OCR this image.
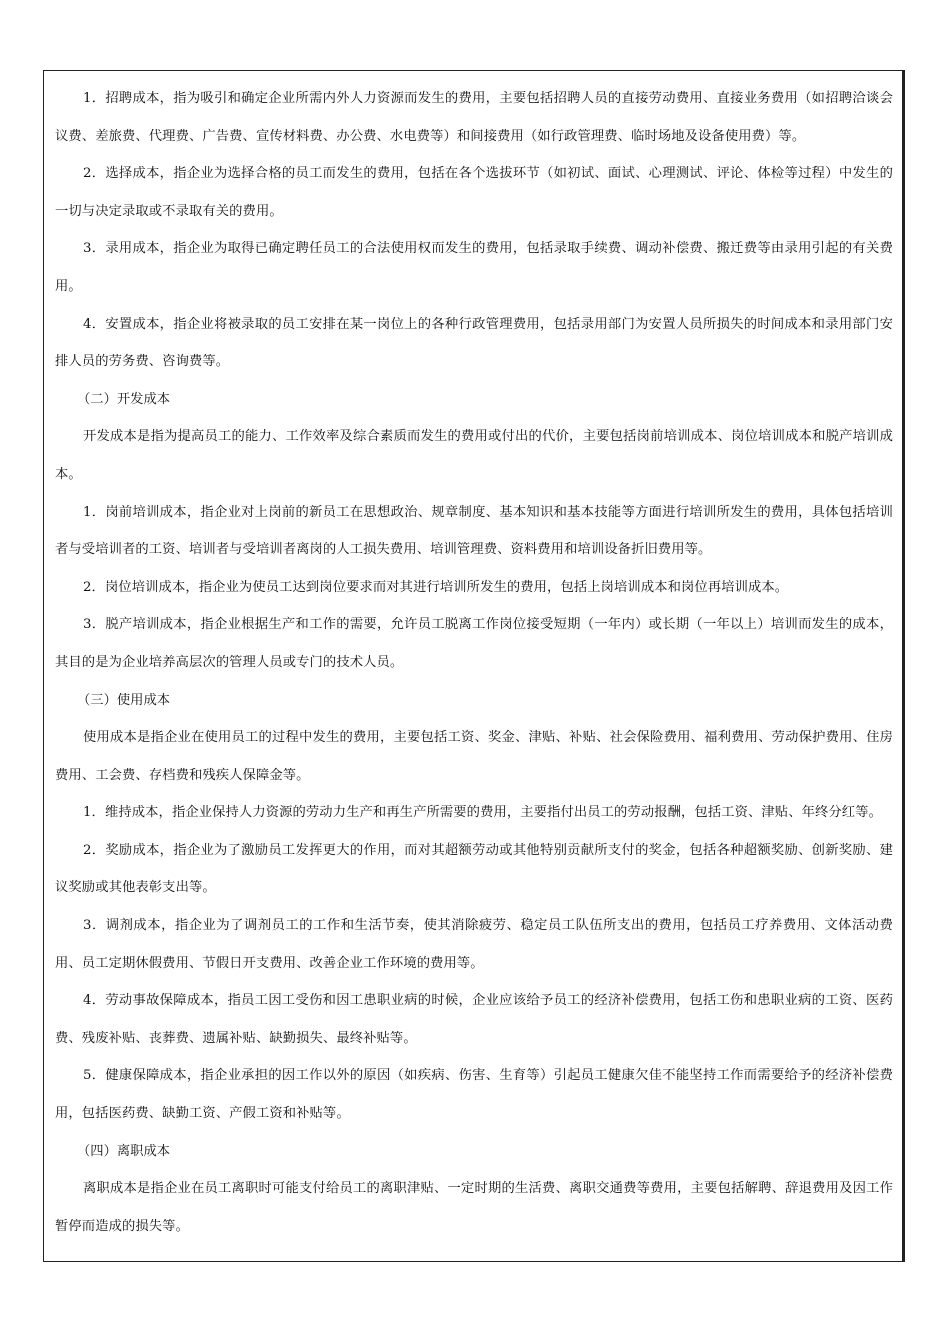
1．招聘成本，指为吸引和确定企业所需内外人力资源而发生的费用，主要包括招聘人员的直接劳动费用、直接业务费用（如招聘洽谈会议费、差旅费、代理费、广告费、宣传材料费、办公费、水电费等）和间接费用（如行政管理费、临时场地及设备使用费）等。

2．选择成本，指企业为选择合格的员工而发生的费用，包括在各个选拔环节（如初试、面试、心理测试、评论、体检等过程）中发生的一切与决定录取或不录取有关的费用。

3．录用成本，指企业为取得已确定聘任员工的合法使用权而发生的费用，包括录取手续费、调动补偿费、搬迁费等由录用引起的有关费用。

4．安置成本，指企业将被录取的员工安排在某一岗位上的各种行政管理费用，包括录用部门为安置人员所损失的时间成本和录用部门安排人员的劳务费、咨询费等。

（二）开发成本

开发成本是指为提高员工的能力、工作效率及综合素质而发生的费用或付出的代价，主要包括岗前培训成本、岗位培训成本和脱产培训成本。

1．岗前培训成本，指企业对上岗前的新员工在思想政治、规章制度、基本知识和基本技能等方面进行培训所发生的费用，具体包括培训者与受培训者的工资、培训者与受培训者离岗的人工损失费用、培训管理费、资料费用和培训设备折旧费用等。

2．岗位培训成本，指企业为使员工达到岗位要求而对其进行培训所发生的费用，包括上岗培训成本和岗位再培训成本。

3．脱产培训成本，指企业根据生产和工作的需要，允许员工脱离工作岗位接受短期（一年内）或长期（一年以上）培训而发生的成本，其目的是为企业培养高层次的管理人员或专门的技术人员。

（三）使用成本

使用成本是指企业在使用员工的过程中发生的费用，主要包括工资、奖金、津贴、补贴、社会保险费用、福利费用、劳动保护费用、住房费用、工会费、存档费和残疾人保障金等。

1．维持成本，指企业保持人力资源的劳动力生产和再生产所需要的费用，主要指付出员工的劳动报酬，包括工资、津贴、年终分红等。

2．奖励成本，指企业为了激励员工发挥更大的作用，而对其超额劳动或其他特别贡献所支付的奖金，包括各种超额奖励、创新奖励、建议奖励或其他表彰支出等。

3．调剂成本，指企业为了调剂员工的工作和生活节奏，使其消除疲劳、稳定员工队伍所支出的费用，包括员工疗养费用、文体活动费用、员工定期休假费用、节假日开支费用、改善企业工作环境的费用等。

4．劳动事故保障成本，指员工因工受伤和因工患职业病的时候，企业应该给予员工的经济补偿费用，包括工伤和患职业病的工资、医药费、残废补贴、丧葬费、遗属补贴、缺勤损失、最终补贴等。

5．健康保障成本，指企业承担的因工作以外的原因（如疾病、伤害、生育等）引起员工健康欠佳不能坚持工作而需要给予的经济补偿费用，包括医药费、缺勤工资、产假工资和补贴等。

（四）离职成本

离职成本是指企业在员工离职时可能支付给员工的离职津贴、一定时期的生活费、离职交通费等费用，主要包括解聘、辞退费用及因工作暂停而造成的损失等。
